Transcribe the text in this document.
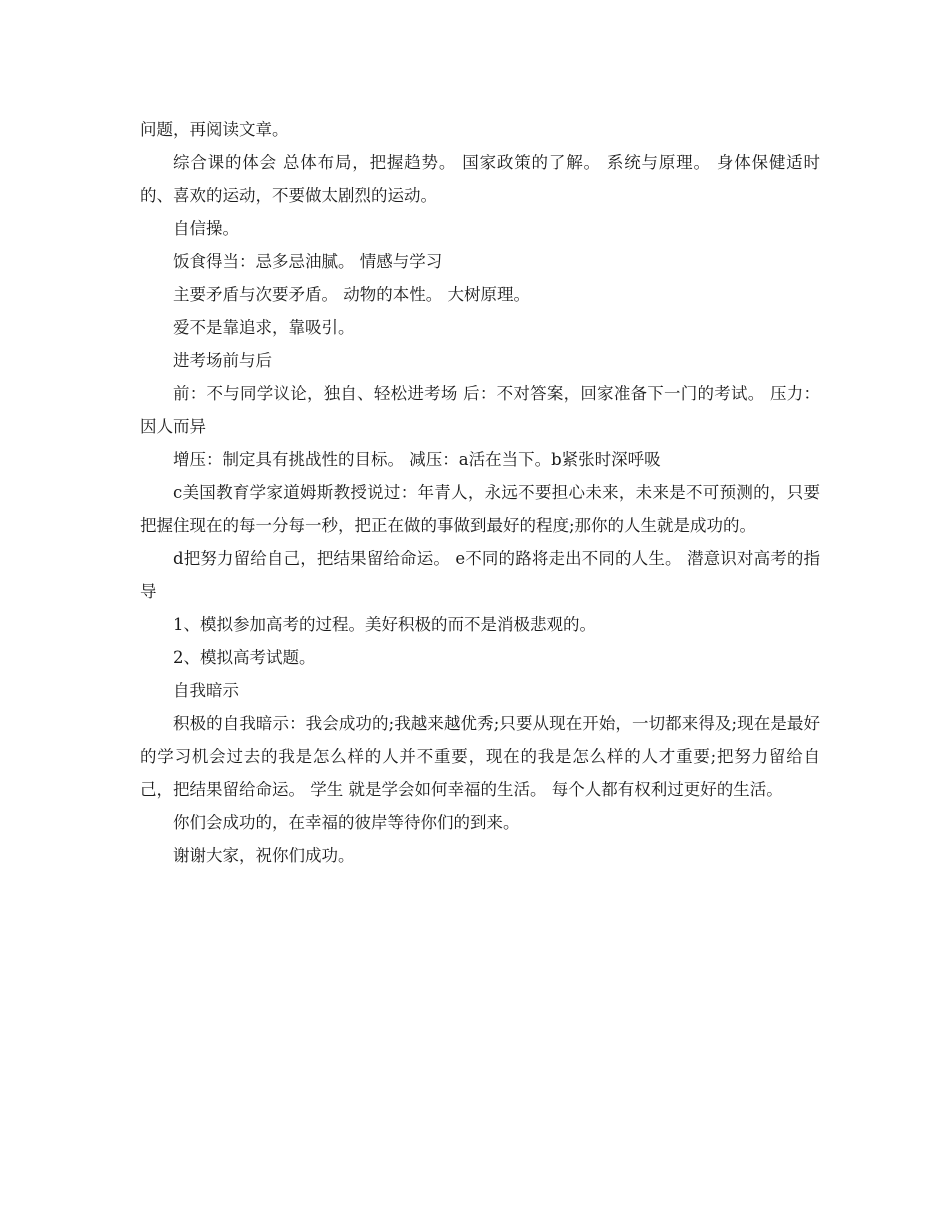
问题，再阅读文章。

综合课的体会 总体布局，把握趋势。 国家政策的了解。 系统与原理。 身体保健适时的、喜欢的运动，不要做太剧烈的运动。

自信操。

饭食得当：忌多忌油腻。 情感与学习

主要矛盾与次要矛盾。 动物的本性。 大树原理。

爱不是靠追求，靠吸引。

进考场前与后

前：不与同学议论，独自、轻松进考场 后：不对答案，回家准备下一门的考试。 压力：因人而异

增压：制定具有挑战性的目标。 减压：a活在当下。b紧张时深呼吸

c美国教育学家道姆斯教授说过：年青人，永远不要担心未来，未来是不可预测的，只要把握住现在的每一分每一秒，把正在做的事做到最好的程度;那你的人生就是成功的。

d把努力留给自己，把结果留给命运。 e不同的路将走出不同的人生。 潜意识对高考的指导

1、模拟参加高考的过程。美好积极的而不是消极悲观的。

2、模拟高考试题。

自我暗示

积极的自我暗示：我会成功的;我越来越优秀;只要从现在开始，一切都来得及;现在是最好的学习机会过去的我是怎么样的人并不重要，现在的我是怎么样的人才重要;把努力留给自己，把结果留给命运。 学生 就是学会如何幸福的生活。 每个人都有权利过更好的生活。

你们会成功的，在幸福的彼岸等待你们的到来。

谢谢大家，祝你们成功。
